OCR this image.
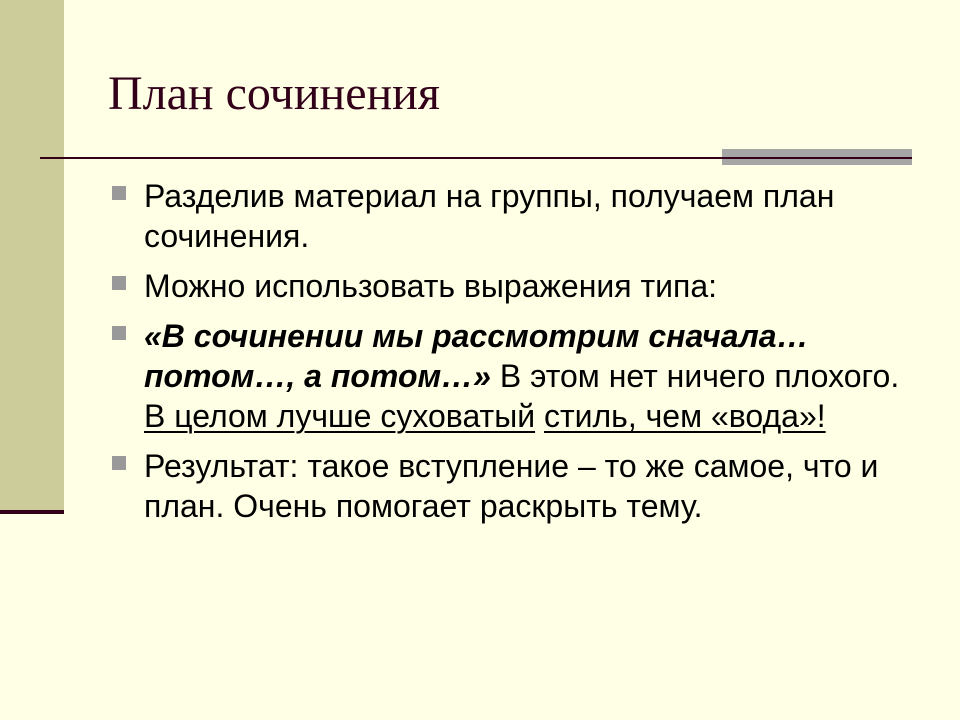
План сочинения
Разделив материал на группы, получаем план сочинения.
Можно использовать выражения типа:
«В сочинении мы рассмотрим сначала… потом…, а потом…» В этом нет ничего плохого. В целом лучше суховатый стиль, чем «вода»!
Результат: такое вступление – то же самое, что и план. Очень помогает раскрыть тему.
